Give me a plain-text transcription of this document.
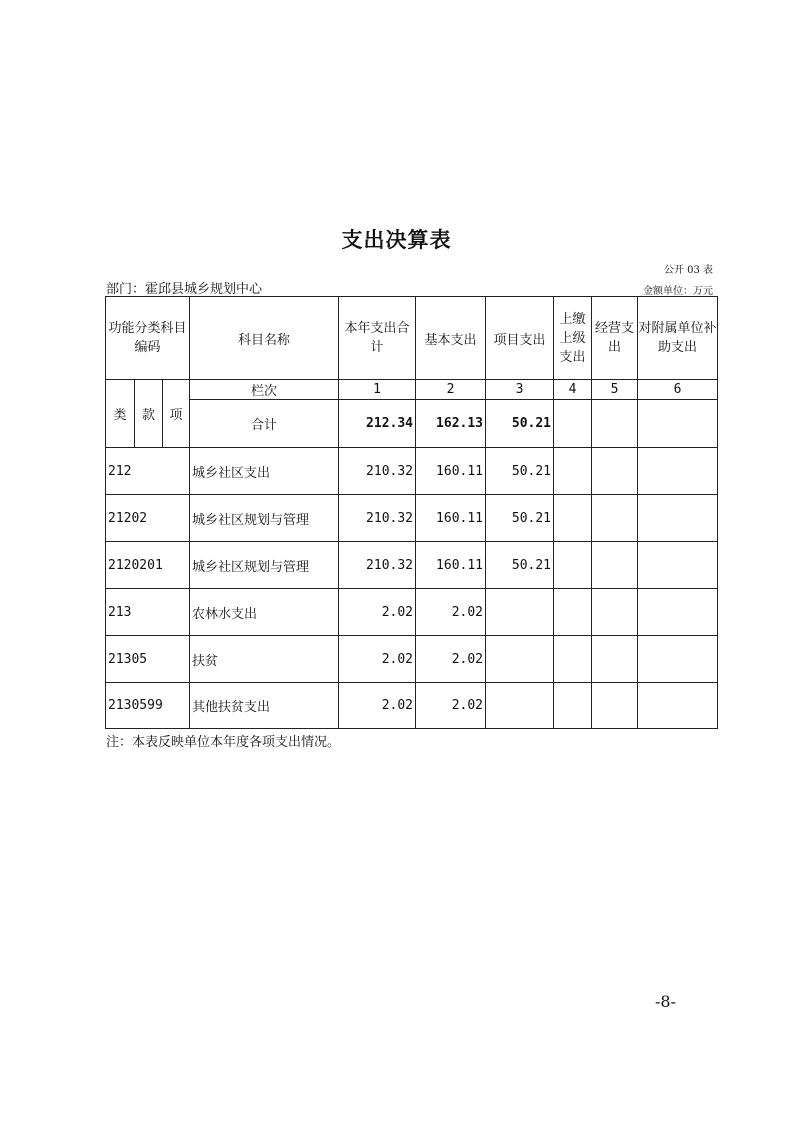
支出决算表
公开 03 表
部门：霍邱县城乡规划中心	金额单位：万元
功能分类科目编码			科目名称	本年支出合计	基本支出	项目支出	上缴上级支出	经营支出	对附属单位补助支出
类	款	项	栏次	1	2	3	4	5	6
			合计	212.34	162.13	50.21			
212			城乡社区支出	210.32	160.11	50.21			
21202			城乡社区规划与管理	210.32	160.11	50.21			
2120201			城乡社区规划与管理	210.32	160.11	50.21			
213			农林水支出	2.02	2.02				
21305			扶贫	2.02	2.02				
2130599			其他扶贫支出	2.02	2.02				
注：本表反映单位本年度各项支出情况。
-8-
